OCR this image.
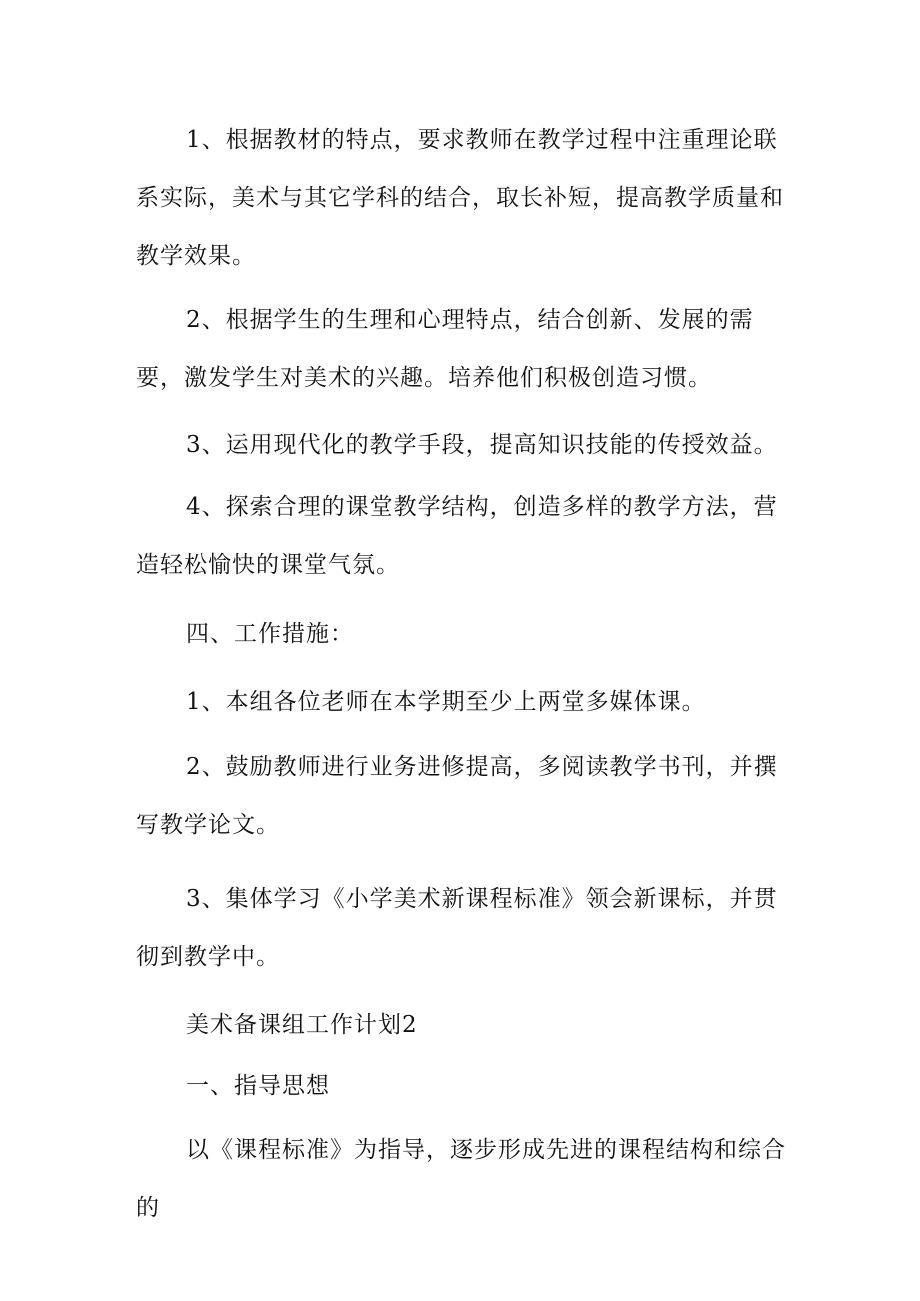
1、根据教材的特点，要求教师在教学过程中注重理论联系实际，美术与其它学科的结合，取长补短，提高教学质量和教学效果。

2、根据学生的生理和心理特点，结合创新、发展的需要，激发学生对美术的兴趣。培养他们积极创造习惯。

3、运用现代化的教学手段，提高知识技能的传授效益。

4、探索合理的课堂教学结构，创造多样的教学方法，营造轻松愉快的课堂气氛。

四、工作措施：

1、本组各位老师在本学期至少上两堂多媒体课。

2、鼓励教师进行业务进修提高，多阅读教学书刊，并撰写教学论文。

3、集体学习《小学美术新课程标准》领会新课标，并贯彻到教学中。

美术备课组工作计划2

一、指导思想

以《课程标准》为指导，逐步形成先进的课程结构和综合的
